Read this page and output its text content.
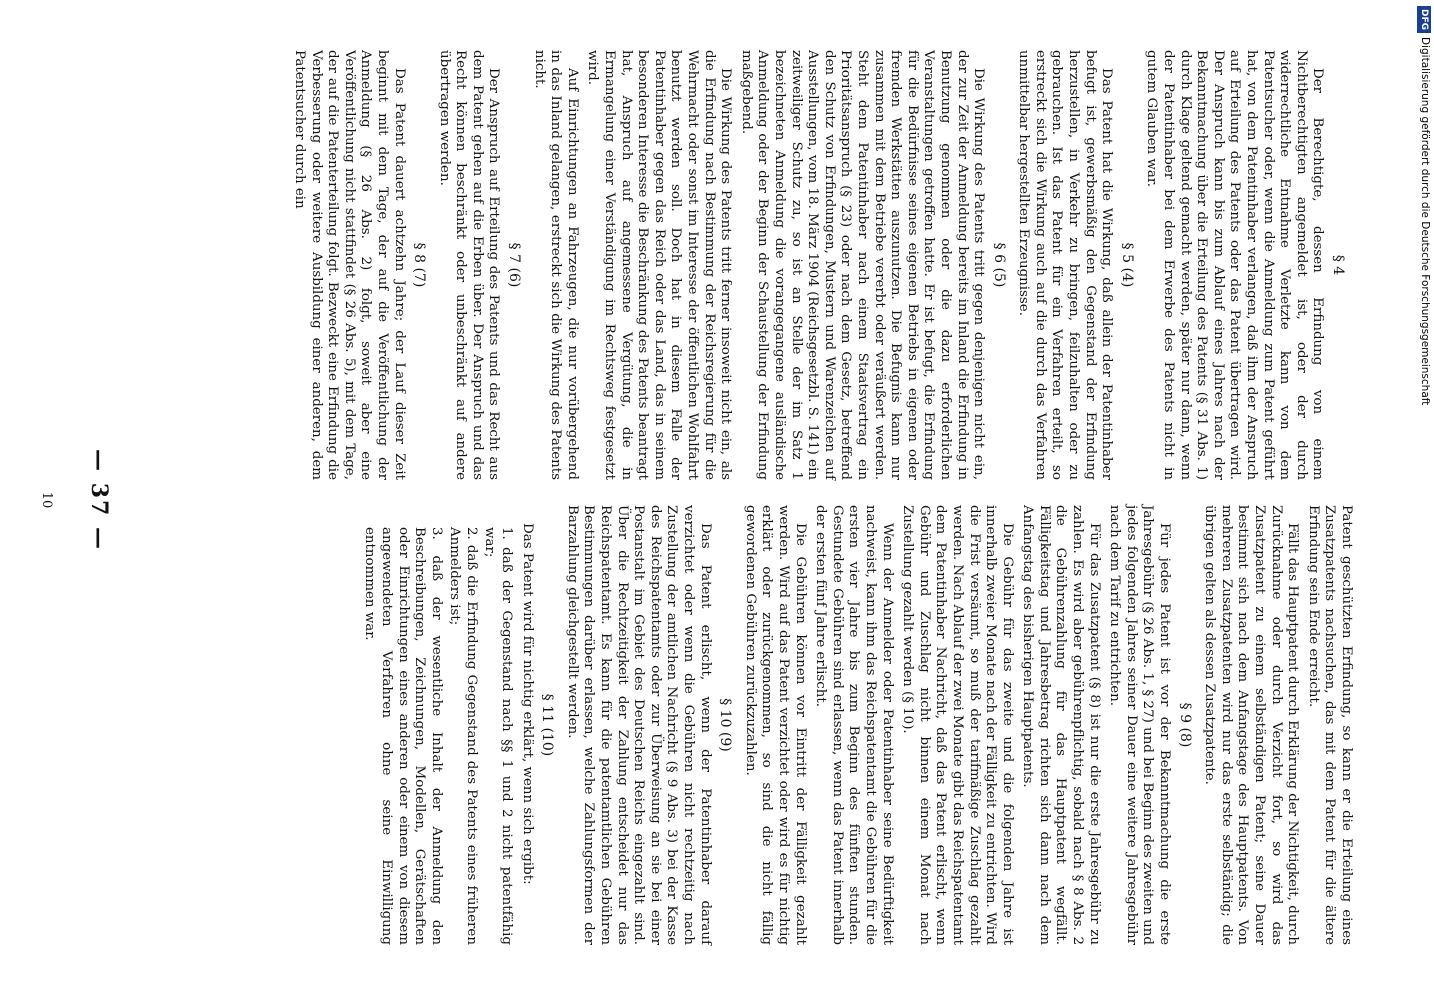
— 37 —
§ 4

Der Berechtigte, dessen Erfindung von einem Nichtberechtigten angemeldet ist, oder der durch widerrechtliche Entnahme Verletzte kann von dem Patentsucher oder, wenn die Anmeldung zum Patent geführt hat, von dem Patentinhaber verlangen, daß ihm der Anspruch auf Erteilung des Patents oder das Patent übertragen wird. Der Anspruch kann bis zum Ablauf eines Jahres nach der Bekanntmachung über die Erteilung des Patents (§ 31 Abs. 1) durch Klage geltend gemacht werden, später nur dann, wenn der Patentinhaber bei dem Erwerbe des Patents nicht in gutem Glauben war.

§ 5 (4)

Das Patent hat die Wirkung, daß allein der Patentinhaber befugt ist, gewerbsmäßig den Gegenstand der Erfindung herzustellen, in Verkehr zu bringen, feilzuhalten oder zu gebrauchen. Ist das Patent für ein Verfahren erteilt, so erstreckt sich die Wirkung auch auf die durch das Verfahren unmittelbar hergestellten Erzeugnisse.

§ 6 (5)

Die Wirkung des Patents tritt gegen denjenigen nicht ein, der zur Zeit der Anmeldung bereits im Inland die Erfindung in Benutzung genommen oder die dazu erforderlichen Veranstaltungen getroffen hatte. Er ist befugt, die Erfindung für die Bedürfnisse seines eigenen Betriebs in eigenen oder fremden Werkstätten auszunutzen. Die Befugnis kann nur zusammen mit dem Betriebe vererbt oder veräußert werden. Steht dem Patentinhaber nach einem Staatsvertrag ein Prioritätsanspruch (§ 23) oder nach dem Gesetz, betreffend den Schutz von Erfindungen, Mustern und Warenzeichen auf Ausstellungen, vom 18. März 1904 (Reichsgesetzbl. S. 141) ein zeitweiliger Schutz zu, so ist an Stelle der im Satz 1 bezeichneten Anmeldung die vorangegangene ausländische Anmeldung oder der Beginn der Schaustellung der Erfindung maßgebend.

Die Wirkung des Patents tritt ferner insoweit nicht ein, als die Erfindung nach Bestimmung der Reichsregierung für die Wehrmacht oder sonst im Interesse der öffentlichen Wohlfahrt benutzt werden soll. Doch hat in diesem Falle der Patentinhaber gegen das Reich oder das Land, das in seinem besonderen Interesse die Beschränkung des Patents beantragt hat, Anspruch auf angemessene Vergütung, die in Ermangelung einer Verständigung im Rechtsweg festgesetzt wird.

Auf Einrichtungen an Fahrzeugen, die nur vorübergehend in das Inland gelangen, erstreckt sich die Wirkung des Patents nicht.

§ 7 (6)

Der Anspruch auf Erteilung des Patents und das Recht aus dem Patent gehen auf die Erben über. Der Anspruch und das Recht können beschränkt oder unbeschränkt auf andere übertragen werden.

§ 8 (7)

Das Patent dauert achtzehn Jahre; der Lauf dieser Zeit beginnt mit dem Tage, der auf die Veröffentlichung der Anmeldung (§ 26 Abs. 2) folgt, soweit aber eine Veröffentlichung nicht stattfindet (§ 26 Abs. 5), mit dem Tage, der auf die Patenterteilung folgt. Bezweckt eine Erfindung die Verbesserung oder weitere Ausbildung einer anderen, dem Patentsucher durch ein

Patent geschützten Erfindung, so kann er die Erteilung eines Zusatzpatents nachsuchen, das mit dem Patent für die ältere Erfindung sein Ende erreicht.

Fällt das Hauptpatent durch Erklärung der Nichtigkeit, durch Zurücknahme oder durch Verzicht fort, so wird das Zusatzpatent zu einem selbständigen Patent; seine Dauer bestimmt sich nach dem Anfangstage des Hauptpatents. Von mehreren Zusatzpatenten wird nur das erste selbständig; die übrigen gelten als dessen Zusatzpatente.

§ 9 (8)

Für jedes Patent ist vor der Bekanntmachung die erste Jahresgebühr (§ 26 Abs. 1, § 27) und bei Beginn des zweiten und jedes folgenden Jahres seiner Dauer eine weitere Jahresgebühr nach dem Tarif zu entrichten.

Für das Zusatzpatent (§ 8) ist nur die erste Jahresgebühr zu zahlen. Es wird aber gebührenpflichtig, sobald nach § 8 Abs. 2 die Gebührenzahlung für das Hauptpatent wegfällt. Fälligkeitstag und Jahresbetrag richten sich dann nach dem Anfangstag des bisherigen Hauptpatents.

Die Gebühr für das zweite und die folgenden Jahre ist innerhalb zweier Monate nach der Fälligkeit zu entrichten. Wird die Frist versäumt, so muß der tarifmäßige Zuschlag gezahlt werden. Nach Ablauf der zwei Monate gibt das Reichspatentamt dem Patentinhaber Nachricht, daß das Patent erlischt, wenn Gebühr und Zuschlag nicht binnen einem Monat nach Zustellung gezahlt werden (§ 10).

Wenn der Anmelder oder Patentinhaber seine Bedürftigkeit nachweist, kann ihm das Reichspatentamt die Gebühren für die ersten vier Jahre bis zum Beginn des fünften stunden. Gestundete Gebühren sind erlassen, wenn das Patent innerhalb der ersten fünf Jahre erlischt.

Die Gebühren können vor Eintritt der Fälligkeit gezahlt werden. Wird auf das Patent verzichtet oder wird es für nichtig erklärt oder zurückgenommen, so sind die nicht fällig gewordenen Gebühren zurückzuzahlen.

§ 10 (9)

Das Patent erlischt, wenn der Patentinhaber darauf verzichtet oder wenn die Gebühren nicht rechtzeitig nach Zustellung der amtlichen Nachricht (§ 9 Abs. 3) bei der Kasse des Reichspatentamts oder zur Überweisung an sie bei einer Postanstalt im Gebiet des Deutschen Reichs eingezahlt sind. Über die Rechtzeitigkeit der Zahlung entscheidet nur das Reichspatentamt. Es kann für die patentamtlichen Gebühren Bestimmungen darüber erlassen, welche Zahlungsformen der Barzahlung gleichgestellt werden.

§ 11 (10)

Das Patent wird für nichtig erklärt, wenn sich ergibt:

1. daß der Gegenstand nach §§ 1 und 2 nicht patentfähig war;
2. daß die Erfindung Gegenstand des Patents eines früheren Anmelders ist;
3. daß der wesentliche Inhalt der Anmeldung den Beschreibungen, Zeichnungen, Modellen, Gerätschaften oder Einrichtungen eines anderen oder einem von diesem angewendeten Verfahren ohne seine Einwilligung entnommen war.
10
DFGDigitalisierung gefördert durch die Deutsche Forschungsgemeinschaft
